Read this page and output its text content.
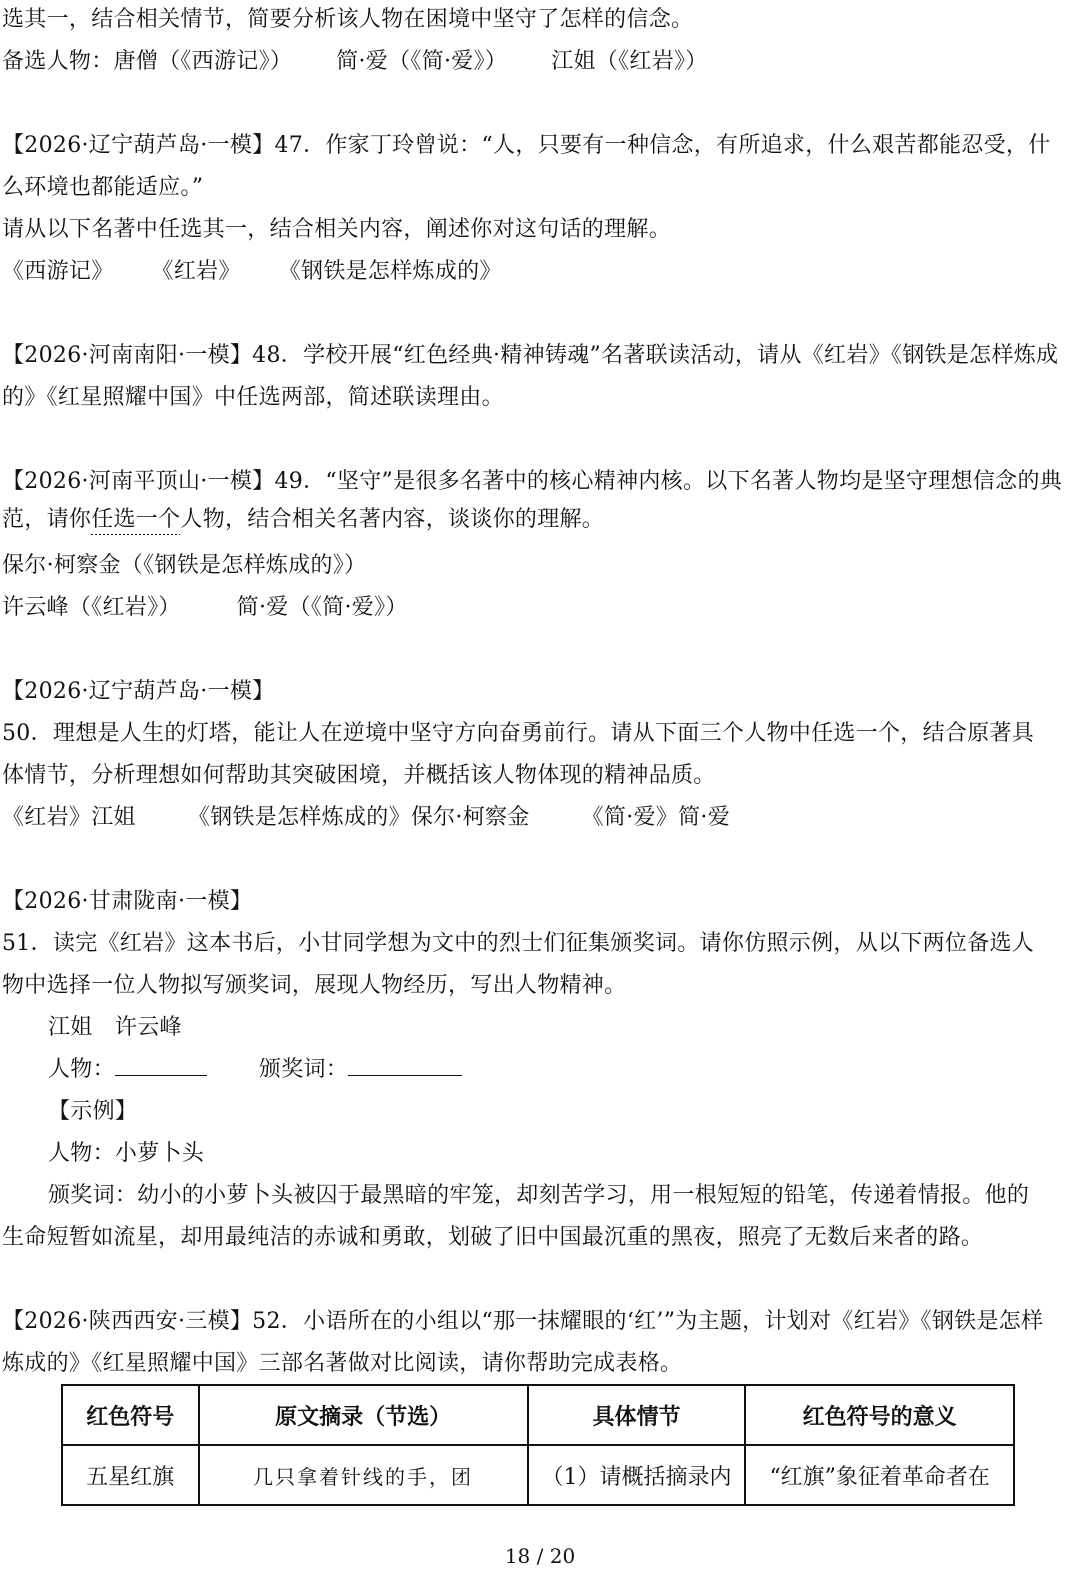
选其一，结合相关情节，简要分析该人物在困境中坚守了怎样的信念。
备选人物：唐僧（《西游记》） 简·爱（《简·爱》） 江姐（《红岩》）
【2026·辽宁葫芦岛·一模】47．作家丁玲曾说：“人，只要有一种信念，有所追求，什么艰苦都能忍受，什
么环境也都能适应。”
请从以下名著中任选其一，结合相关内容，阐述你对这句话的理解。
《西游记》 《红岩》 《钢铁是怎样炼成的》
【2026·河南南阳·一模】48．学校开展“红色经典·精神铸魂”名著联读活动，请从《红岩》《钢铁是怎样炼成
的》《红星照耀中国》中任选两部，简述联读理由。
【2026·河南平顶山·一模】49．“坚守”是很多名著中的核心精神内核。以下名著人物均是坚守理想信念的典
范，请你任选一个人物，结合相关名著内容，谈谈你的理解。
保尔·柯察金（《钢铁是怎样炼成的》）
许云峰（《红岩》）	简·爱（《简·爱》）
【2026·辽宁葫芦岛·一模】
50．理想是人生的灯塔，能让人在逆境中坚守方向奋勇前行。请从下面三个人物中任选一个，结合原著具
体情节，分析理想如何帮助其突破困境，并概括该人物体现的精神品质。
《红岩》江姐 《钢铁是怎样炼成的》保尔·柯察金 《简·爱》简·爱
【2026·甘肃陇南·一模】
51．读完《红岩》这本书后，小甘同学想为文中的烈士们征集颁奖词。请你仿照示例，从以下两位备选人
物中选择一位人物拟写颁奖词，展现人物经历，写出人物精神。
江姐　许云峰
人物：	颁奖词：
【示例】
人物：小萝卜头
颁奖词：幼小的小萝卜头被囚于最黑暗的牢笼，却刻苦学习，用一根短短的铅笔，传递着情报。他的
生命短暂如流星，却用最纯洁的赤诚和勇敢，划破了旧中国最沉重的黑夜，照亮了无数后来者的路。
【2026·陕西西安·三模】52．小语所在的小组以“那一抹耀眼的‘红’”为主题，计划对《红岩》《钢铁是怎样
炼成的》《红星照耀中国》三部名著做对比阅读，请你帮助完成表格。
红色符号	原文摘录（节选）	具体情节	红色符号的意义
五星红旗	几只拿着针线的手，团	（1）请概括摘录内	“红旗”象征着革命者在
18 / 20
